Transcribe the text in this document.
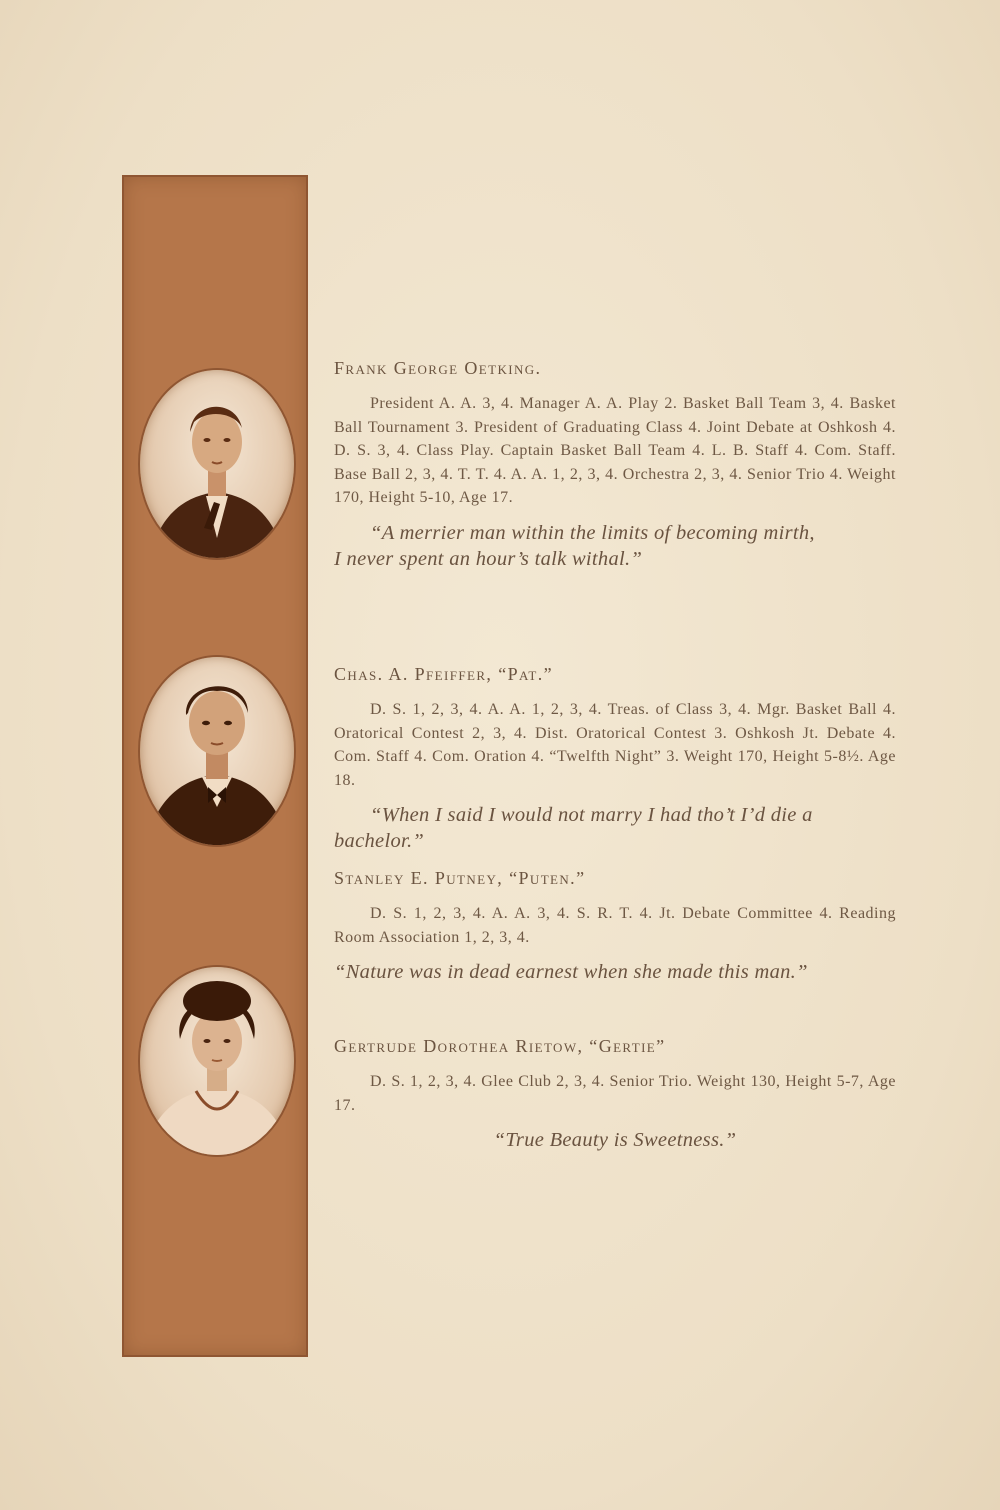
Frank George Oetking.

President A. A. 3, 4. Manager A. A. Play 2. Basket Ball Team 3, 4. Basket Ball Tournament 3. President of Graduating Class 4. Joint Debate at Oshkosh 4. D. S. 3, 4. Class Play. Captain Basket Ball Team 4. L. B. Staff 4. Com. Staff. Base Ball 2, 3, 4. T. T. 4. A. A. 1, 2, 3, 4. Orchestra 2, 3, 4. Senior Trio 4. Weight 170, Height 5-10, Age 17.

“A merrier man within the limits of becoming mirth,
I never spent an hour’s talk withal.”
Chas. A. Pfeiffer, “Pat.”

D. S. 1, 2, 3, 4. A. A. 1, 2, 3, 4. Treas. of Class 3, 4. Mgr. Basket Ball 4. Oratorical Contest 2, 3, 4. Dist. Oratorical Contest 3. Oshkosh Jt. Debate 4. Com. Staff 4. Com. Oration 4. “Twelfth Night” 3. Weight 170, Height 5-8½. Age 18.

“When I said I would not marry I had tho’t I’d die a
bachelor.”
Stanley E. Putney, “Puten.”

D. S. 1, 2, 3, 4. A. A. 3, 4. S. R. T. 4. Jt. Debate Committee 4. Reading Room Association 1, 2, 3, 4.

“Nature was in dead earnest when she made this man.”
Gertrude Dorothea Rietow, “Gertie”

D. S. 1, 2, 3, 4. Glee Club 2, 3, 4. Senior Trio. Weight 130, Height 5-7, Age 17.

“True Beauty is Sweetness.”
